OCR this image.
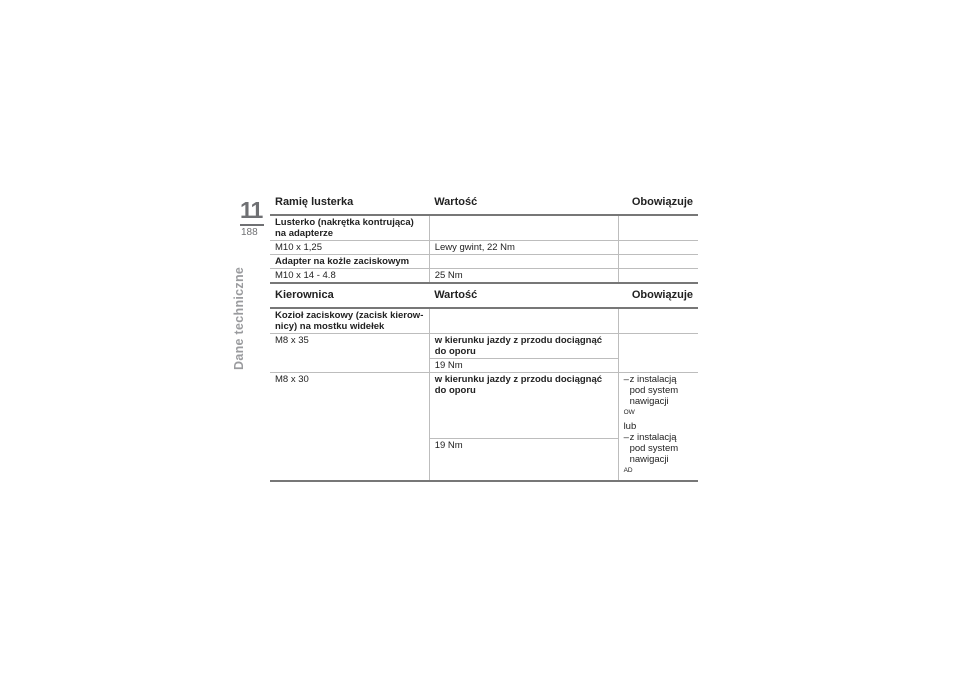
11
188
Dane techniczne
Ramię lusterka	Wartość	Obowiązuje
Lusterko (nakrętka kontrująca) na adapterze		
M10 x 1,25	Lewy gwint, 22 Nm	
Adapter na kożle zaciskowym		
M10 x 14 - 4.8	25 Nm	
Kierownica	Wartość	Obowiązuje
Kozioł zaciskowy (zacisk kierow-nicy) na mostku widełek		
M8 x 35	w kierunku jazdy z przodu dociągnąć do oporu	
	19 Nm	
M8 x 30	w kierunku jazdy z przodu dociągnąć do oporu	–z instalacją pod system nawigacji$^{OW}$
lub
–z instalacją pod system nawigacji$^{AD}$
	19 Nm	
